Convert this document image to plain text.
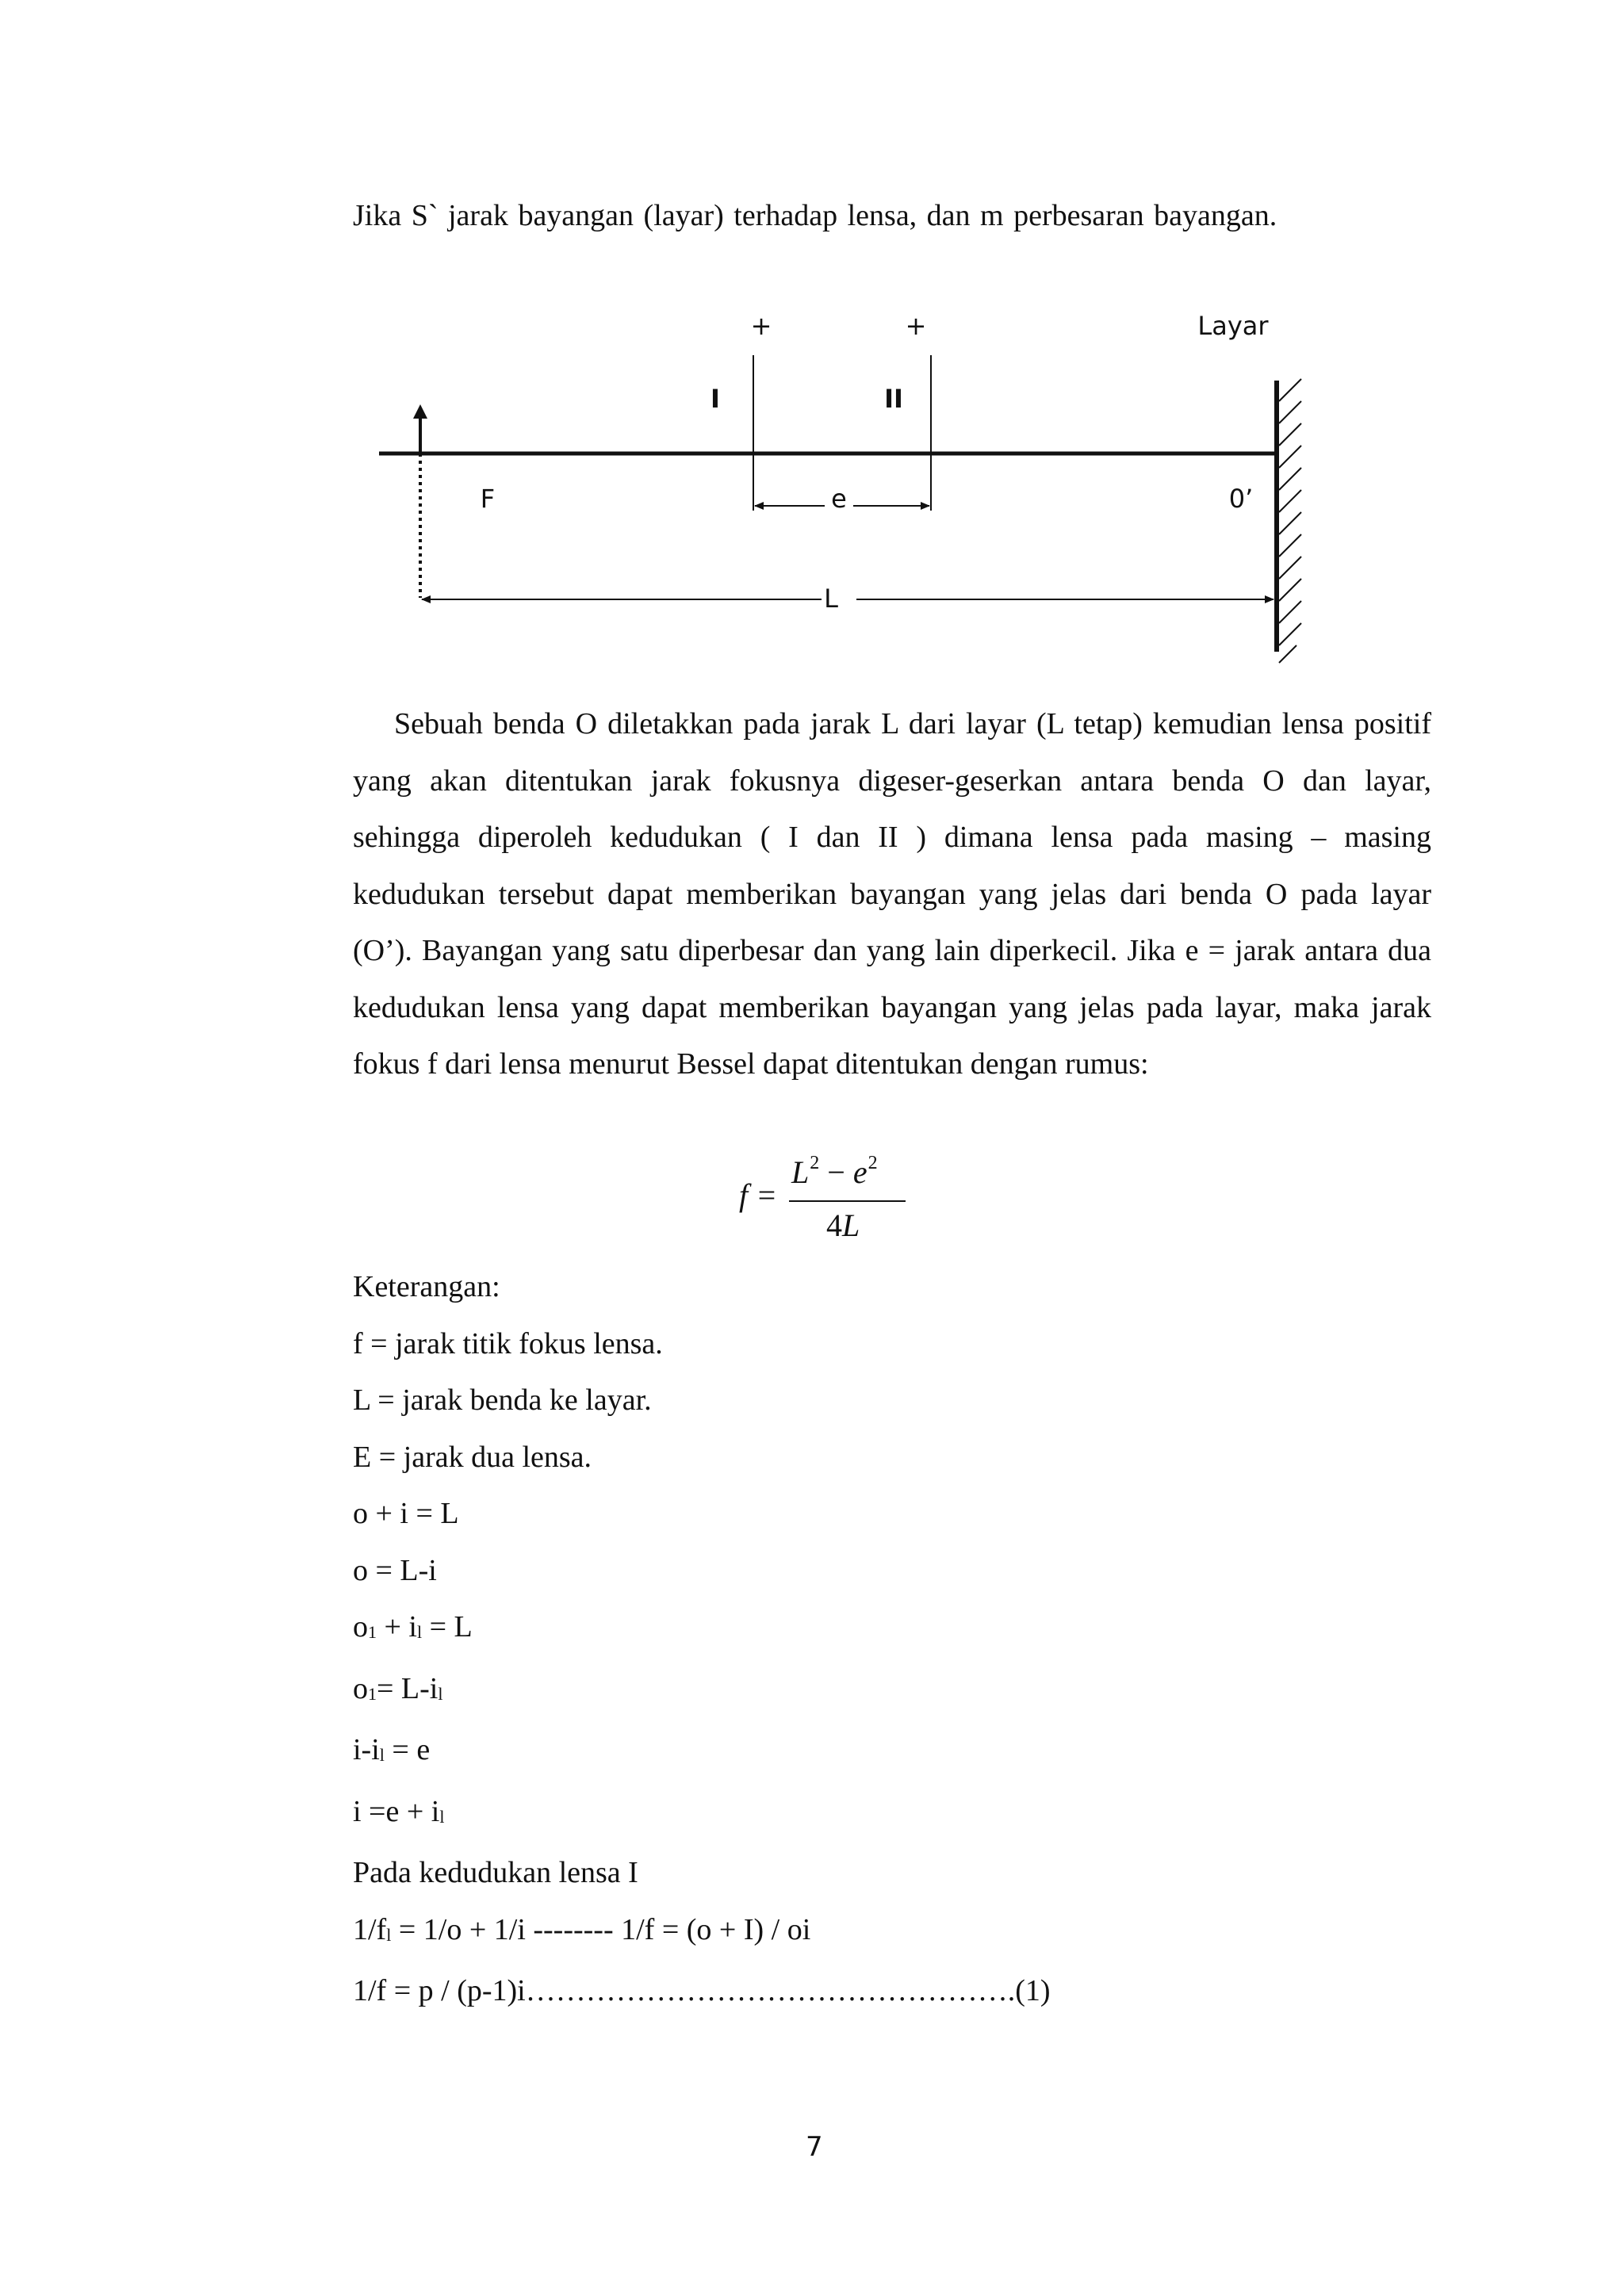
Jika S` jarak bayangan (layar) terhadap lensa, dan m perbesaran bayangan.
+	+	Layar
I	II
F	e	0’
L

Sebuah benda O diletakkan pada jarak L dari layar (L tetap) kemudian lensa positif yang akan ditentukan jarak fokusnya digeser-geserkan antara benda O dan layar, sehingga diperoleh kedudukan ( I dan II ) dimana lensa pada masing – masing kedudukan tersebut dapat memberikan bayangan yang jelas dari benda O pada layar (O’). Bayangan yang satu diperbesar dan yang lain diperkecil. Jika e = jarak antara dua kedudukan lensa yang dapat memberikan bayangan yang jelas pada layar, maka jarak fokus f dari lensa menurut Bessel dapat ditentukan dengan rumus:

f =
$L^2 - e^2$
4L
Keterangan:
f = jarak titik fokus lensa.
L = jarak benda ke layar.
E = jarak dua lensa.
o + i = L
o = L-i
$o_1 + i_l = L$
$o_1= L-i_l$
$i-i_l = e$
$i =e + i_l$
Pada kedudukan lensa I
$1/f_l = 1/o + 1/i$ -------- 1/f = (o + I) / oi
1/f = p / (p-1)i………………………………………….(1)
7
